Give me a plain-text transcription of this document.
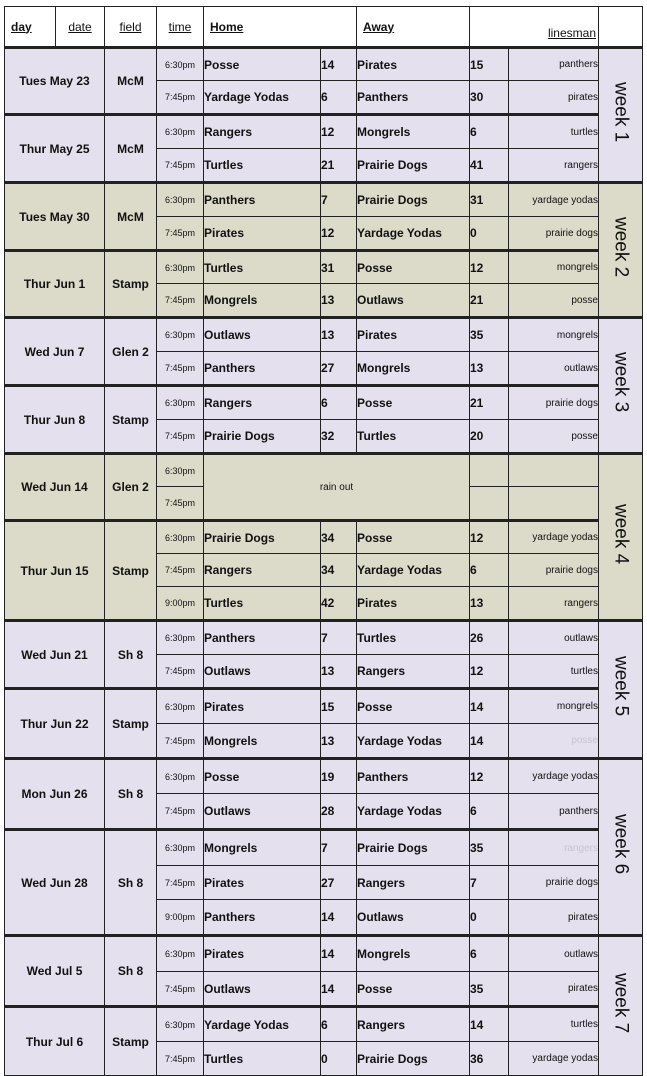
day	date	field	time	Home		Away	linesman		
Tues May 23		McM	6:30pm	Posse	14	Pirates	15	panthers	week 1
			7:45pm	Yardage Yodas	6	Panthers	30	pirates	
Thur May 25		McM	6:30pm	Rangers	12	Mongrels	6	turtles	
			7:45pm	Turtles	21	Prairie Dogs	41	rangers	
Tues May 30		McM	6:30pm	Panthers	7	Prairie Dogs	31	yardage yodas	week 2
			7:45pm	Pirates	12	Yardage Yodas	0	prairie dogs	
Thur Jun 1		Stamp	6:30pm	Turtles	31	Posse	12	mongrels	
			7:45pm	Mongrels	13	Outlaws	21	posse	
Wed Jun 7		Glen 2	6:30pm	Outlaws	13	Pirates	35	mongrels	week 3
			7:45pm	Panthers	27	Mongrels	13	outlaws	
Thur Jun 8		Stamp	6:30pm	Rangers	6	Posse	21	prairie dogs	
			7:45pm	Prairie Dogs	32	Turtles	20	posse	
Wed Jun 14		Glen 2	6:30pm	rain out					week 4
			7:45pm						
Thur Jun 15		Stamp	6:30pm	Prairie Dogs	34	Posse	12	yardage yodas	
			7:45pm	Rangers	34	Yardage Yodas	6	prairie dogs	
			9:00pm	Turtles	42	Pirates	13	rangers	
Wed Jun 21		Sh 8	6:30pm	Panthers	7	Turtles	26	outlaws	week 5
			7:45pm	Outlaws	13	Rangers	12	turtles	
Thur Jun 22		Stamp	6:30pm	Pirates	15	Posse	14	mongrels	
			7:45pm	Mongrels	13	Yardage Yodas	14	posse	
Mon Jun 26		Sh 8	6:30pm	Posse	19	Panthers	12	yardage yodas	week 6
			7:45pm	Outlaws	28	Yardage Yodas	6	panthers	
Wed Jun 28		Sh 8	6:30pm	Mongrels	7	Prairie Dogs	35	rangers	
			7:45pm	Pirates	27	Rangers	7	prairie dogs	
			9:00pm	Panthers	14	Outlaws	0	pirates	
Wed Jul 5		Sh 8	6:30pm	Pirates	14	Mongrels	6	outlaws	week 7
			7:45pm	Outlaws	14	Posse	35	pirates	
Thur Jul 6		Stamp	6:30pm	Yardage Yodas	6	Rangers	14	turtles	
			7:45pm	Turtles	0	Prairie Dogs	36	yardage yodas	
